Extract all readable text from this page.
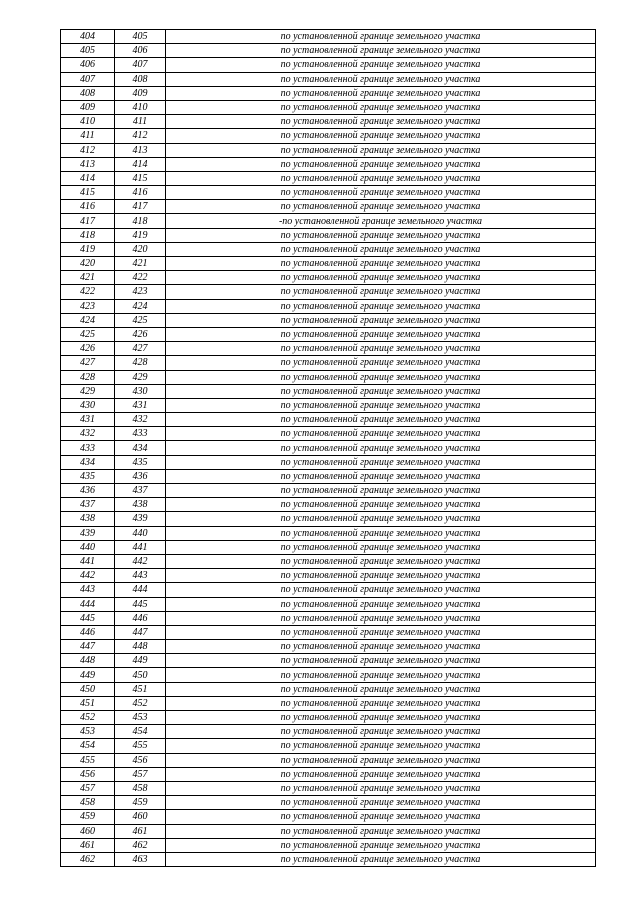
404	405	по установленной границе земельного участка
405	406	по установленной границе земельного участка
406	407	по установленной границе земельного участка
407	408	по установленной границе земельного участка
408	409	по установленной границе земельного участка
409	410	по установленной границе земельного участка
410	411	по установленной границе земельного участка
411	412	по установленной границе земельного участка
412	413	по установленной границе земельного участка
413	414	по установленной границе земельного участка
414	415	по установленной границе земельного участка
415	416	по установленной границе земельного участка
416	417	по установленной границе земельного участка
417	418	-по установленной границе земельного участка
418	419	по установленной границе земельного участка
419	420	по установленной границе земельного участка
420	421	по установленной границе земельного участка
421	422	по установленной границе земельного участка
422	423	по установленной границе земельного участка
423	424	по установленной границе земельного участка
424	425	по установленной границе земельного участка
425	426	по установленной границе земельного участка
426	427	по установленной границе земельного участка
427	428	по установленной границе земельного участка
428	429	по установленной границе земельного участка
429	430	по установленной границе земельного участка
430	431	по установленной границе земельного участка
431	432	по установленной границе земельного участка
432	433	по установленной границе земельного участка
433	434	по установленной границе земельного участка
434	435	по установленной границе земельного участка
435	436	по установленной границе земельного участка
436	437	по установленной границе земельного участка
437	438	по установленной границе земельного участка
438	439	по установленной границе земельного участка
439	440	по установленной границе земельного участка
440	441	по установленной границе земельного участка
441	442	по установленной границе земельного участка
442	443	по установленной границе земельного участка
443	444	по установленной границе земельного участка
444	445	по установленной границе земельного участка
445	446	по установленной границе земельного участка
446	447	по установленной границе земельного участка
447	448	по установленной границе земельного участка
448	449	по установленной границе земельного участка
449	450	по установленной границе земельного участка
450	451	по установленной границе земельного участка
451	452	по установленной границе земельного участка
452	453	по установленной границе земельного участка
453	454	по установленной границе земельного участка
454	455	по установленной границе земельного участка
455	456	по установленной границе земельного участка
456	457	по установленной границе земельного участка
457	458	по установленной границе земельного участка
458	459	по установленной границе земельного участка
459	460	по установленной границе земельного участка
460	461	по установленной границе земельного участка
461	462	по установленной границе земельного участка
462	463	по установленной границе земельного участка
